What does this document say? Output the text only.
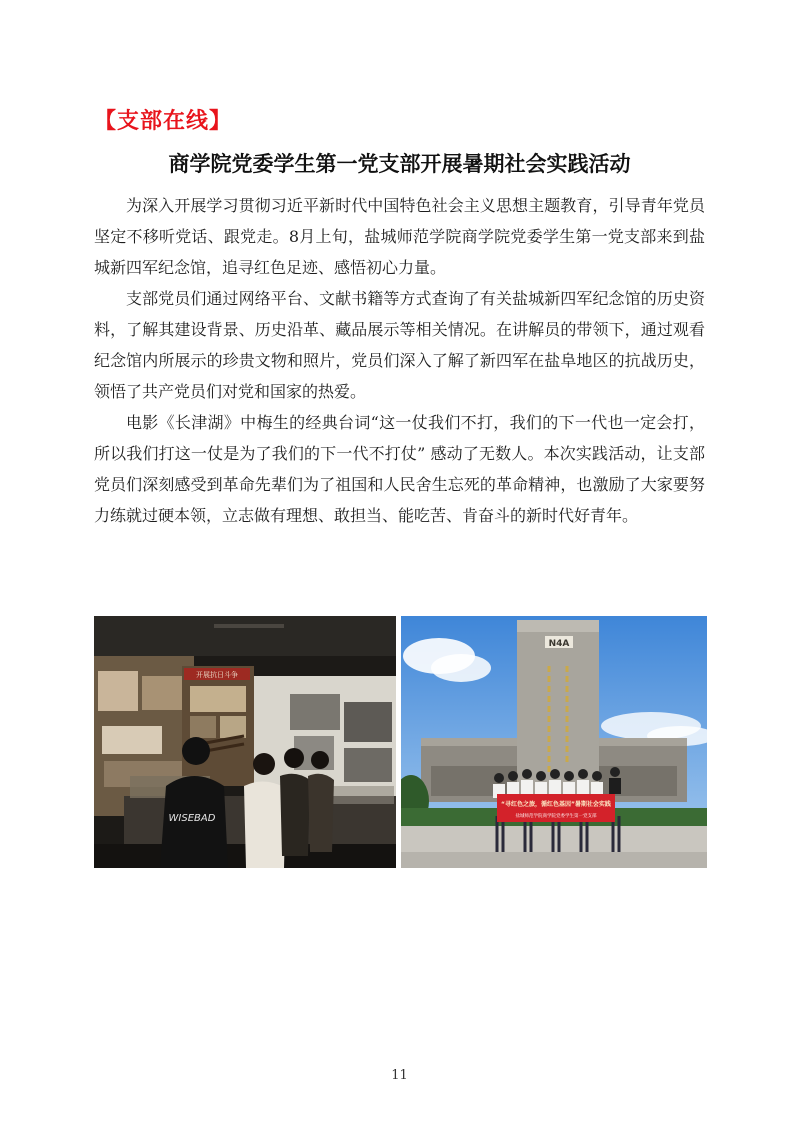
【支部在线】
商学院党委学生第一党支部开展暑期社会实践活动

为深入开展学习贯彻习近平新时代中国特色社会主义思想主题教育，引导青年党员坚定不移听党话、跟党走。8月上旬，盐城师范学院商学院党委学生第一党支部来到盐城新四军纪念馆，追寻红色足迹、感悟初心力量。

支部党员们通过网络平台、文献书籍等方式查询了有关盐城新四军纪念馆的历史资料，了解其建设背景、历史沿革、藏品展示等相关情况。在讲解员的带领下，通过观看纪念馆内所展示的珍贵文物和照片，党员们深入了解了新四军在盐阜地区的抗战历史，领悟了共产党员们对党和国家的热爱。

电影《长津湖》中梅生的经典台词“这一仗我们不打，我们的下一代也一定会打，所以我们打这一仗是为了我们的下一代不打仗” 感动了无数人。本次实践活动，让支部党员们深刻感受到革命先辈们为了祖国和人民舍生忘死的革命精神，也激励了大家要努力练就过硬本领，立志做有理想、敢担当、能吃苦、肯奋斗的新时代好青年。

开展抗日斗争
WISEBAD
N4A
“寻红色之旅，循红色基因”暑期社会实践
盐城师范学院商学院党委学生第一党支部
11
